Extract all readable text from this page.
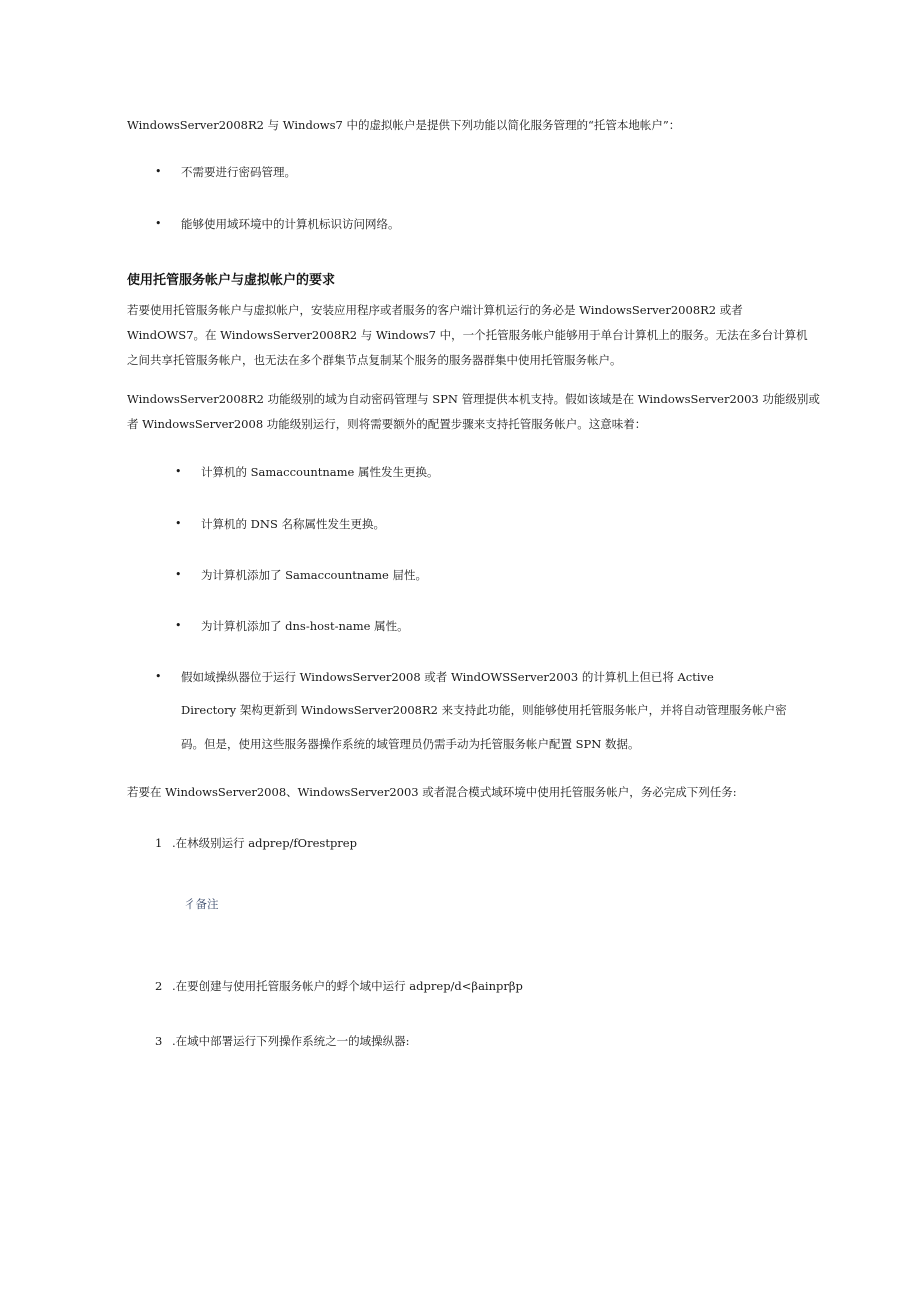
WindowsServer2008R2 与 Windows7 中的虚拟帐户是提供下列功能以简化服务管理的“托管本地帐户”：
• 不需要进行密码管理。
• 能够使用域环境中的计算机标识访问网络。
使用托管服务帐户与虚拟帐户的要求
若要使用托管服务帐户与虚拟帐户，安装应用程序或者服务的客户端计算机运行的务必是 WindowsServer2008R2 或者
WindOWS7。在 WindowsServer2008R2 与 Windows7 中，一个托管服务帐户能够用于单台计算机上的服务。无法在多台计算机
之间共享托管服务帐户，也无法在多个群集节点复制某个服务的服务器群集中使用托管服务帐户。
WindowsServer2008R2 功能级别的域为自动密码管理与 SPN 管理提供本机支持。假如该域是在 WindowsServer2003 功能级别或
者 WindowsServer2008 功能级别运行，则将需要额外的配置步骤来支持托管服务帐户。这意味着：
• 计算机的 Samaccountname 属性发生更换。
• 计算机的 DNS 名称属性发生更换。
• 为计算机添加了 Samaccountname 屇性。
• 为计算机添加了 dns-host-name 属性。
• 假如域操纵器位于运行 WindowsServer2008 或者 WindOWSServer2003 的计算机上但已将 Active
Directory 架构更新到 WindowsServer2008R2 来支持此功能，则能够使用托管服务帐户，并将自动管理服务帐户密
码。但是，使用这些服务器操作系统的域管理员仍需手动为托管服务帐户配置 SPN 数据。
若要在 WindowsServer2008、WindowsServer2003 或者混合模式域环境中使用托管服务帐户，务必完成下列任务:
1 .在林级别运行 adprep/fOrestprep
彳备注
2 .在要创建与使用托管服务帐户的蜉个域中运行 adprep/d<βainprβp
3 .在域中部署运行下列操作系统之一的域操纵器:
